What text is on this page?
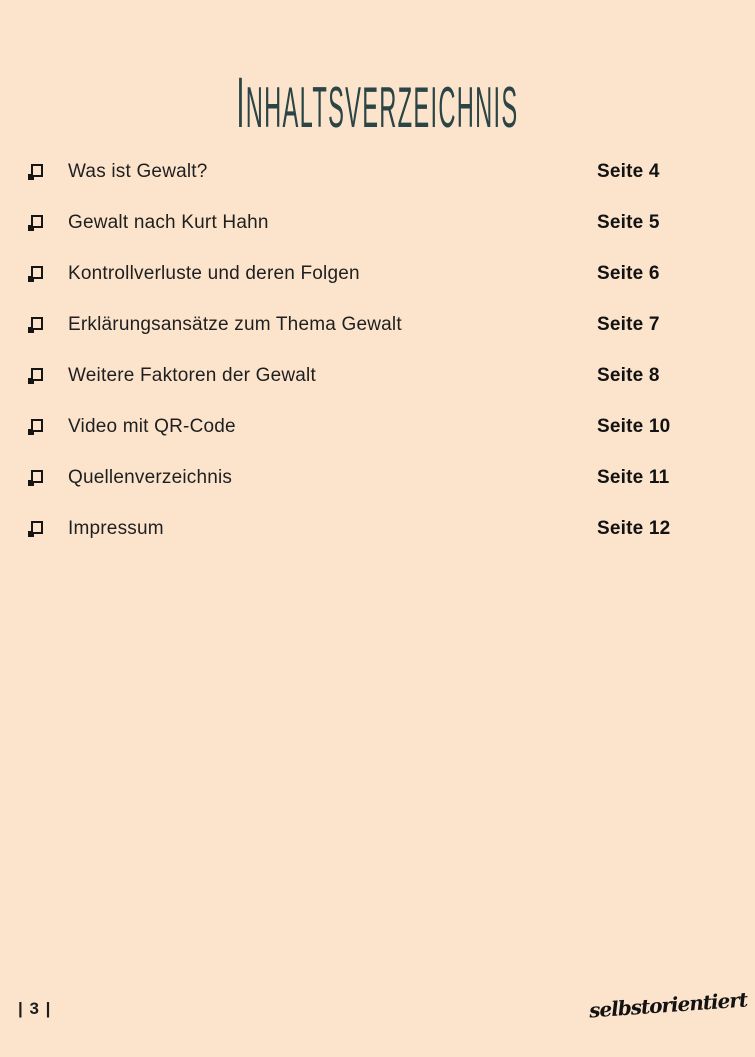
INHALTSVERZEICHNIS
Was ist Gewalt?	Seite 4
Gewalt nach Kurt Hahn	Seite 5
Kontrollverluste und deren Folgen	Seite 6
Erklärungsansätze zum Thema Gewalt	Seite 7
Weitere Faktoren der Gewalt	Seite 8
Video mit QR-Code	Seite 10
Quellenverzeichnis	Seite 11
Impressum	Seite 12
| 3 |	selbstorientiert
